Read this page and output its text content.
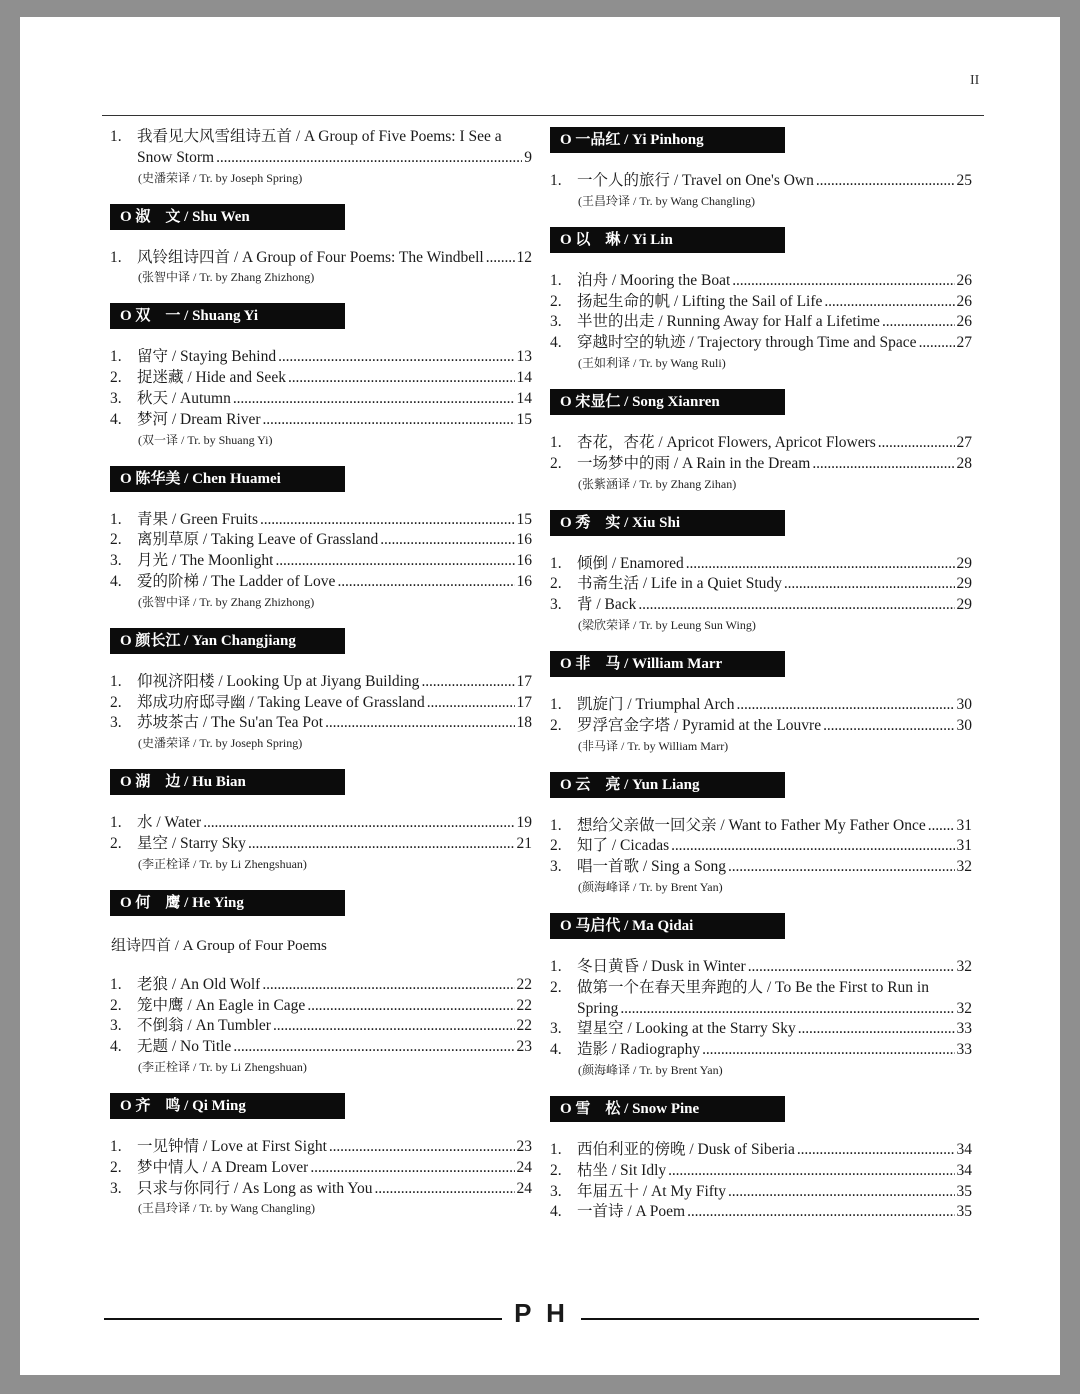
II
1. 我看见大风雪组诗五首 / A Group of Five Poems: I See a
Snow Storm . . .	9
(史潘荣译 / Tr. by Joseph Spring)
O 淑　文 / Shu Wen
1. 风铃组诗四首 / A Group of Four Poems: The Windbell . . . 12
(张智中译 / Tr. by Zhang Zhizhong)
O 双　一 / Shuang Yi
1. 留守 / Staying Behind . . .	13
2. 捉迷藏 / Hide and Seek . . .	14
3. 秋天 / Autumn . . .	14
4. 梦河 / Dream River . . .	15
(双一译 / Tr. by Shuang Yi)
O 陈华美 / Chen Huamei
1. 青果 / Green Fruits . . .	15
2. 离别草原 / Taking Leave of Grassland . . .	16
3. 月光 / The Moonlight . . .	16
4. 爱的阶梯 / The Ladder of Love . . .	16
(张智中译 / Tr. by Zhang Zhizhong)
O 颜长江 / Yan Changjiang
1. 仰视济阳楼 / Looking Up at Jiyang Building . . .	17
2. 郑成功府邸寻幽 / Taking Leave of Grassland . . .	17
3. 苏坡茶古 / The Su'an Tea Pot . . .	18
(史潘荣译 / Tr. by Joseph Spring)
O 湖　边 / Hu Bian
1. 水 / Water . . .	19
2. 星空 / Starry Sky . . .	21
(李正栓译 / Tr. by Li Zhengshuan)
O 何　鹰 / He Ying
组诗四首 / A Group of Four Poems
1. 老狼 / An Old Wolf . . .	22
2. 笼中鹰 / An Eagle in Cage . . .	22
3. 不倒翁 / An Tumbler . . .	22
4. 无题 / No Title . . .	23
(李正栓译 / Tr. by Li Zhengshuan)
O 齐　鸣 / Qi Ming
1. 一见钟情 / Love at First Sight . . .	23
2. 梦中情人 / A Dream Lover . . .	24
3. 只求与你同行 / As Long as with You . . .	24
(王昌玲译 / Tr. by Wang Changling)
O 一品红 / Yi Pinhong
1. 一个人的旅行 / Travel on One's Own . . .	25
(王昌玲译 / Tr. by Wang Changling)
O 以　琳 / Yi Lin
1. 泊舟 / Mooring the Boat . . .	26
2. 扬起生命的帆 / Lifting the Sail of Life . . .	26
3. 半世的出走 / Running Away for Half a Lifetime . . .	26
4. 穿越时空的轨迹 / Trajectory through Time and Space . . .	27
(王如利译 / Tr. by Wang Ruli)
O 宋显仁 / Song Xianren
1. 杏花，杏花 / Apricot Flowers, Apricot Flowers . . .	27
2. 一场梦中的雨 / A Rain in the Dream . . .	28
(张紫涵译 / Tr. by Zhang Zihan)
O 秀　实 / Xiu Shi
1. 倾倒 / Enamored . . .	29
2. 书斋生活 / Life in a Quiet Study . . .	29
3. 背 / Back . . .	29
(梁欣荣译 / Tr. by Leung Sun Wing)
O 非　马 / William Marr
1. 凯旋门 / Triumphal Arch . . .	30
2. 罗浮宫金字塔 / Pyramid at the Louvre . . .	30
(非马译 / Tr. by William Marr)
O 云　亮 / Yun Liang
1. 想给父亲做一回父亲 / Want to Father My Father Once . . . 31
2. 知了 / Cicadas . . .	31
3. 唱一首歌 / Sing a Song . . .	32
(颜海峰译 / Tr. by Brent Yan)
O 马启代 / Ma Qidai
1. 冬日黄昏 / Dusk in Winter . . .	32
2. 做第一个在春天里奔跑的人 / To Be the First to Run in
Spring . . .	32
3. 望星空 / Looking at the Starry Sky . . .	33
4. 造影 / Radiography . . .	33
(颜海峰译 / Tr. by Brent Yan)
O 雪　松 / Snow Pine
1. 西伯利亚的傍晚 / Dusk of Siberia . . .	34
2. 枯坐 / Sit Idly . . .	34
3. 年届五十 / At My Fifty . . .	35
4. 一首诗 / A Poem . . .	35
P H
